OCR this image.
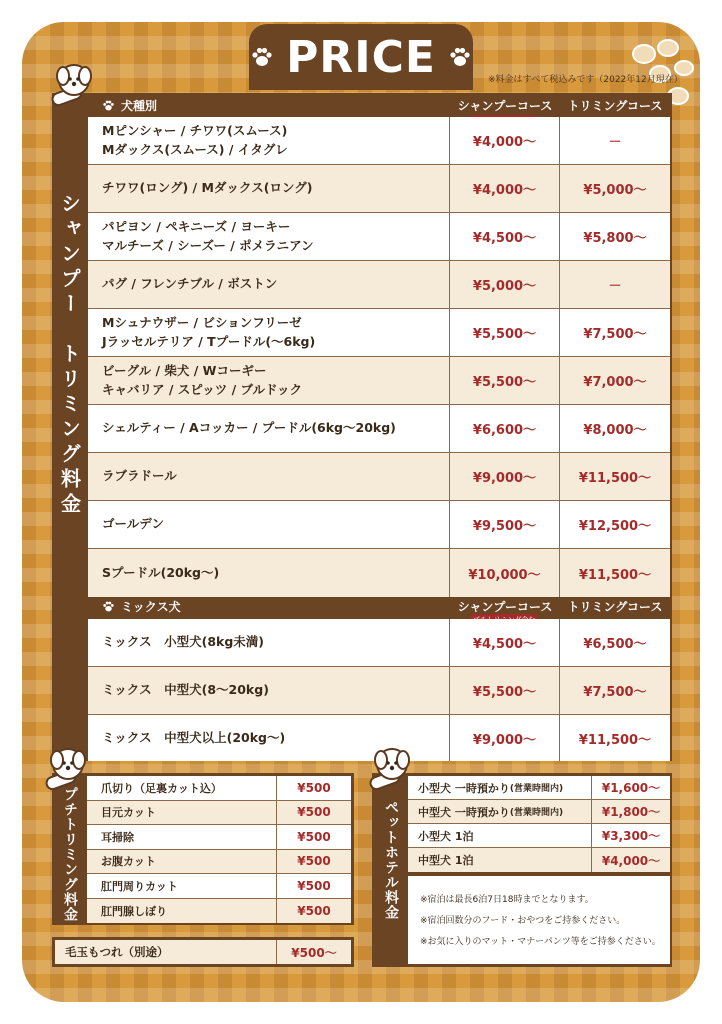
PRICE	※料金はすべて税込みです（2022年12月現在）
シャンプー　トリミング料金
犬種別	シャンプーコース	トリミングコース
Mピンシャー / チワワ(スムース)
Mダックス(スムース) / イタグレ	¥4,000～	－
チワワ(ロング) / Mダックス(ロング)	¥4,000～	¥5,000～
パピヨン / ペキニーズ / ヨーキー
マルチーズ / シーズー / ポメラニアン	¥4,500～	¥5,800～
パグ / フレンチブル / ボストン	¥5,000～	－
Mシュナウザー / ビションフリーゼ
Jラッセルテリア / Tプードル(～6kg)	¥5,500～	¥7,500～
ビーグル / 柴犬 / Wコーギー
キャバリア / スピッツ / ブルドック	¥5,500～	¥7,000～
シェルティー / Aコッカー / プードル(6kg～20kg)	¥6,600～	¥8,000～
ラブラドール	¥9,000～	¥11,500～
ゴールデン	¥9,500～	¥12,500～
Sプードル(20kg～)	¥10,000～	¥11,500～
ミックス犬	シャンプーコース	トリミングコース
ミックス　小型犬(8kg未満)	¥4,500～	¥6,500～
ミックス　中型犬(8～20kg)	¥5,500～	¥7,500～
ミックス　中型犬以上(20kg～)	¥9,000～	¥11,500～
プチトリミング料金	爪切り（足裏カット込）	¥500
目元カット	¥500
耳掃除	¥500
お腹カット	¥500
肛門周りカット	¥500
肛門腺しぼり	¥500
毛玉もつれ（別途）	¥500～
ペットホテル料金
小型犬 一時預かり (営業時間内)	¥1,600～
中型犬 一時預かり (営業時間内)	¥1,800～
小型犬 1泊	¥3,300～
中型犬 1泊	¥4,000～

※宿泊は最長6泊7日18時までとなります。

※宿泊回数分のフード・おやつをご持参ください。

※お気に入りのマット・マナーパンツ等をご持参ください。
